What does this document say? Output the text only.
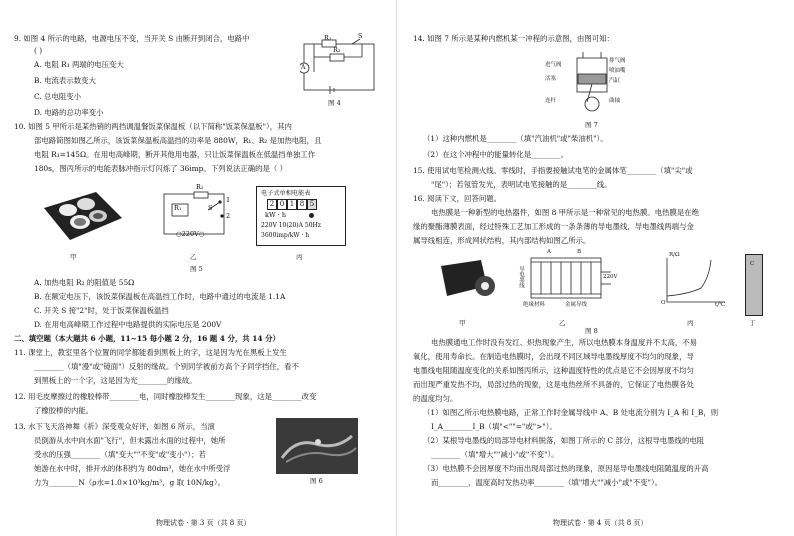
9. 如图 4 所示的电路，电源电压不变，当开关 S 由断开到闭合，电路中
( )
A. 电阻 R₁ 两端的电压变大
B. 电流表示数变大
C. 总电阻变小
D. 电路的总功率变小
R₁
R₂
S
A
图 4
10. 如图 5 甲所示是某热销的两挡调温餐饭菜保温板（以下简称"饭菜保温板"），其内
部电路简图如图乙所示，该饭菜保温板高温挡的功率是 880W，R₁、R₂ 是加热电阻，且
电阻 R₁=145Ω。在用电高峰期，断开其他用电器，只让饭菜保温板在低温挡单独工作
180s，图丙所示的电能表脉冲指示灯闪烁了 36imp。下列说法正确的是（ ）
甲
R₁
R₂
S
1
2
○220V○
乙
电子式单相电能表
2 0 1 8 5
kW · h
220V 10(20)A 50Hz
3600imp/kW · h
丙
图 5
A. 加热电阻 R₂ 的阻值是 55Ω
B. 在额定电压下，该饭菜保温板在高温挡工作时，电路中通过的电流是 1.1A
C. 开关 S 接"2"时，处于饭菜保温板温挡
D. 在用电高峰期工作过程中电路提供的实际电压是 200V
二、填空题（本大题共 6 小题，11~15 每小题 2 分，16 题 4 分，共 14 分）
11. 课堂上，教室里各个位置的同学都能看到黑板上的字，这是因为光在黑板上发生
________（填"漫"或"镜面"）反射的缘故。个别同学被前方高个子同学挡住，看不
到黑板上的一个字，这是因为光________的缘故。
12. 用毛皮摩擦过的橡胶棒带________电，同时橡胶棒发生________现象，这是________改变
了橡胶棒的内能。
13. 水下飞天洛神舞《祈》深受观众好评，如图 6 所示，当演
员倒游从水中向水面"飞行"，但未露出水面的过程中，她所
受水的压强________（填"变大""不变"或"变小"）；若
她游在水中时，排开水的体积约为 80dm³，她在水中所受浮
力为________N（ρ水=1.0×10³kg/m³，g 取 10N/kg）。	图 6
物理试卷 · 第 3 页（共 8 页）
14. 如图 7 所示是某种内燃机某一冲程的示意图，由图可知：
进气阀
活塞
连杆
排气阀
喷油嘴
汽缸
曲轴
图 7
（1）这种内燃机是________（填"汽油机"或"柴油机"）。
（2）在这个冲程中的能量转化是________。
15. 使用试电笔检测火线、零线时，手指要接触试电笔的金属体笔________（填"尖"或
"尾"）；若氖管发光，表明试电笔接触的是________线。
16. 阅读下文，回答问题。
电热膜是一种新型的电热器件，如图 8 甲所示是一种常见的电热膜。电热膜是在绝
缘的聚酯薄膜表面，经过特殊工艺加工形成的一条条薄的导电墨线，导电墨线两端与金
属导线相连，形成网状结构，其内部结构如图乙所示。
A	B
220V
导电墨线
绝缘材料	金属导线
R/Ω
t/℃
O
C
甲	乙	丙	丁
图 8
电热膜通电工作时没有发红、炽热现象产生，所以电热膜本身温度并不太高，不易
氧化，使用寿命长。在制造电热膜时，会出现不同区域导电墨线厚度不均匀的现象，导
电墨线电阻随温度变化的关系如图丙所示，这种温度特性的优点是它不会因厚度不均匀
而出现严重发热不均，局部过热的现象，这是电热丝所不具备的，它保证了电热膜各处
的温度均匀。
（1）如图乙所示电热膜电路，正常工作时金属导线中 A、B 处电流分别为 I_A 和 I_B，则
I_A________I_B（填"<""="或">"）。
（2）某根导电墨线的局部导电材料脱落，如图丁所示的 C 部分，这根导电墨线的电阻
________（填"增大""减小"或"不变"）。
（3）电热膜不会因厚度不均而出现局部过热的现象，原因是导电墨线电阻随温度的升高
而________，温度高时发热功率________（填"增大""减小"或"不变"）。
物理试卷 · 第 4 页（共 8 页）
